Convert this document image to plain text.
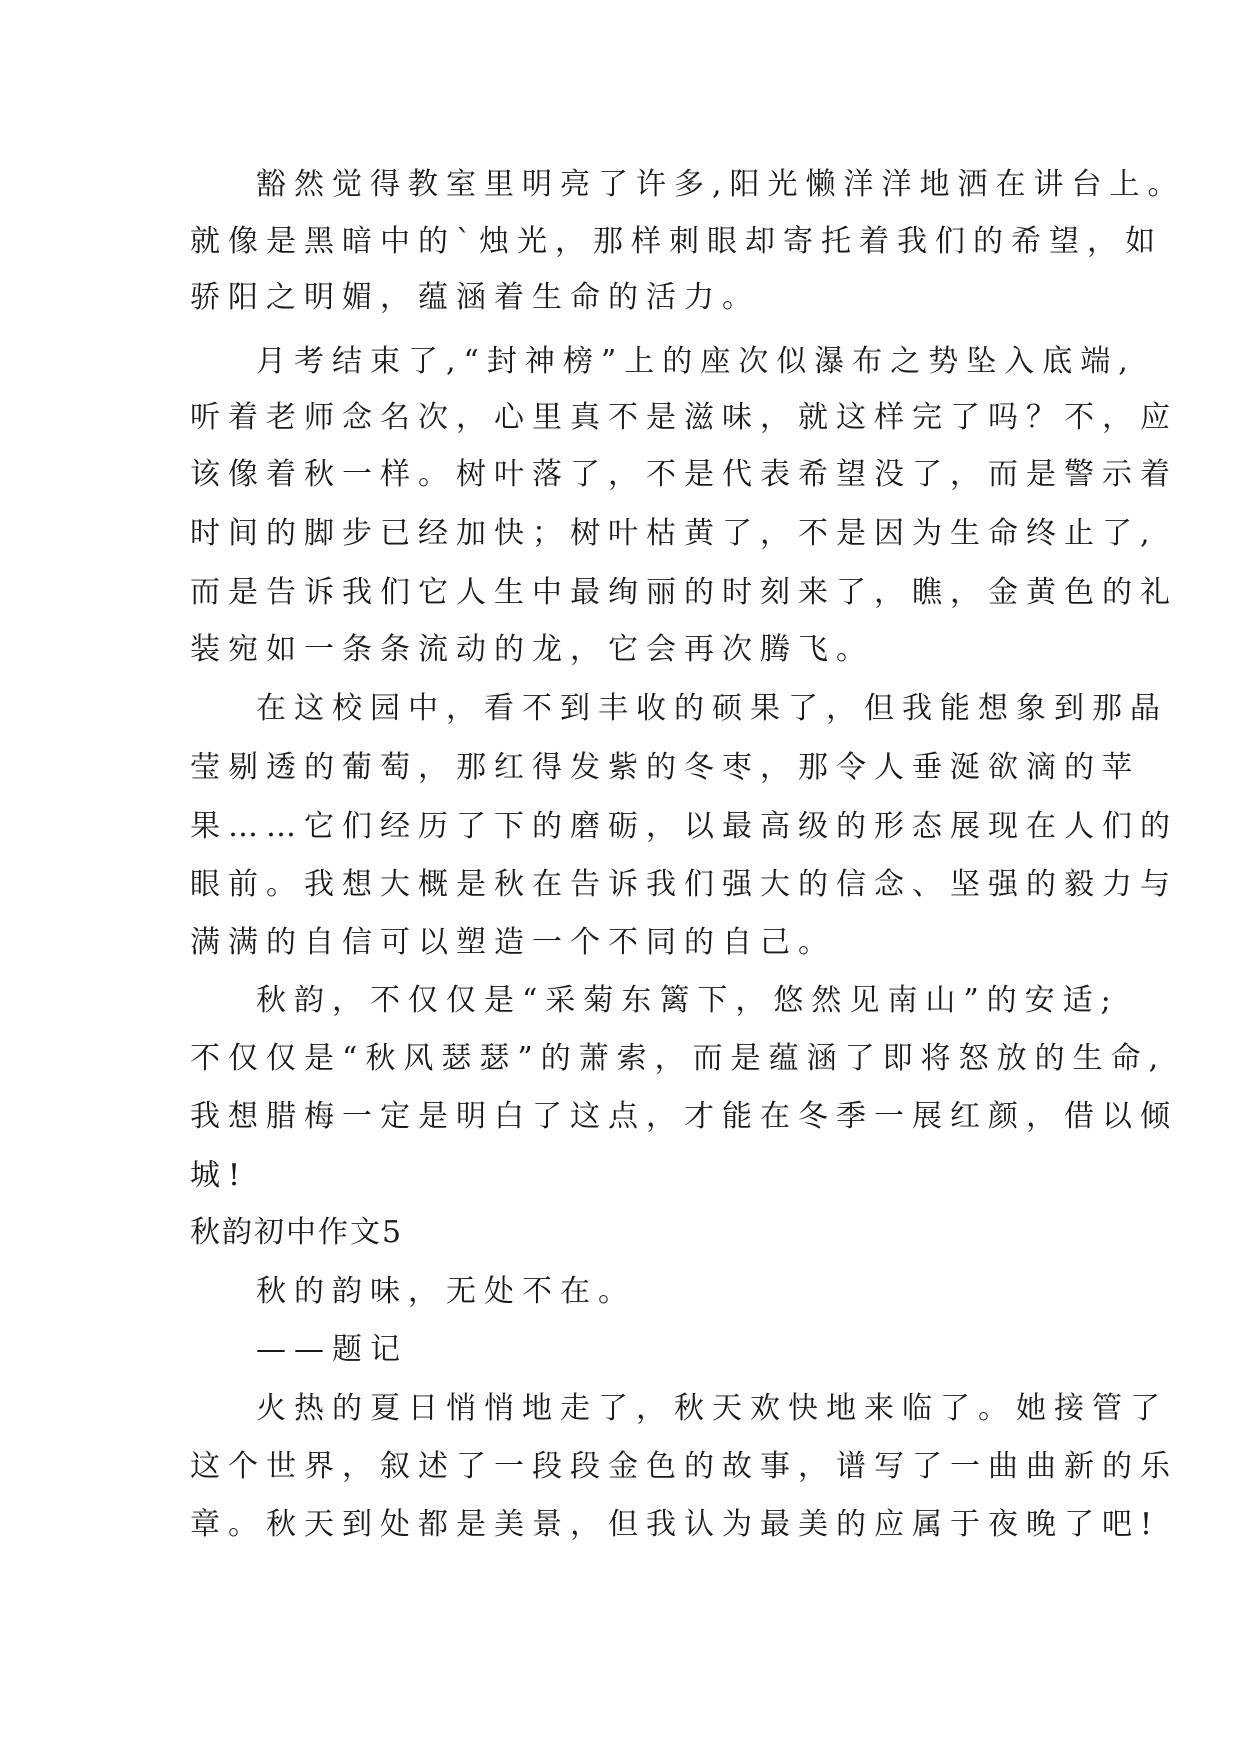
豁然觉得教室里明亮了许多,阳光懒洋洋地洒在讲台上。
就像是黑暗中的`烛光，那样刺眼却寄托着我们的希望，如
骄阳之明媚，蕴涵着生命的活力。
月考结束了,“封神榜”上的座次似瀑布之势坠入底端,
听着老师念名次，心里真不是滋味，就这样完了吗？不，应
该像着秋一样。树叶落了，不是代表希望没了，而是警示着
时间的脚步已经加快；树叶枯黄了，不是因为生命终止了,
而是告诉我们它人生中最绚丽的时刻来了，瞧，金黄色的礼
装宛如一条条流动的龙，它会再次腾飞。
在这校园中，看不到丰收的硕果了，但我能想象到那晶
莹剔透的葡萄，那红得发紫的冬枣，那令人垂涎欲滴的苹
果……它们经历了下的磨砺，以最高级的形态展现在人们的
眼前。我想大概是秋在告诉我们强大的信念、坚强的毅力与
满满的自信可以塑造一个不同的自己。
秋韵，不仅仅是“采菊东篱下，悠然见南山”的安适;
不仅仅是“秋风瑟瑟”的萧索，而是蕴涵了即将怒放的生命,
我想腊梅一定是明白了这点，才能在冬季一展红颜，借以倾
城!
秋韵初中作文5
秋的韵味，无处不在。
——题记
火热的夏日悄悄地走了，秋天欢快地来临了。她接管了
这个世界，叙述了一段段金色的故事，谱写了一曲曲新的乐
章。秋天到处都是美景，但我认为最美的应属于夜晚了吧!
